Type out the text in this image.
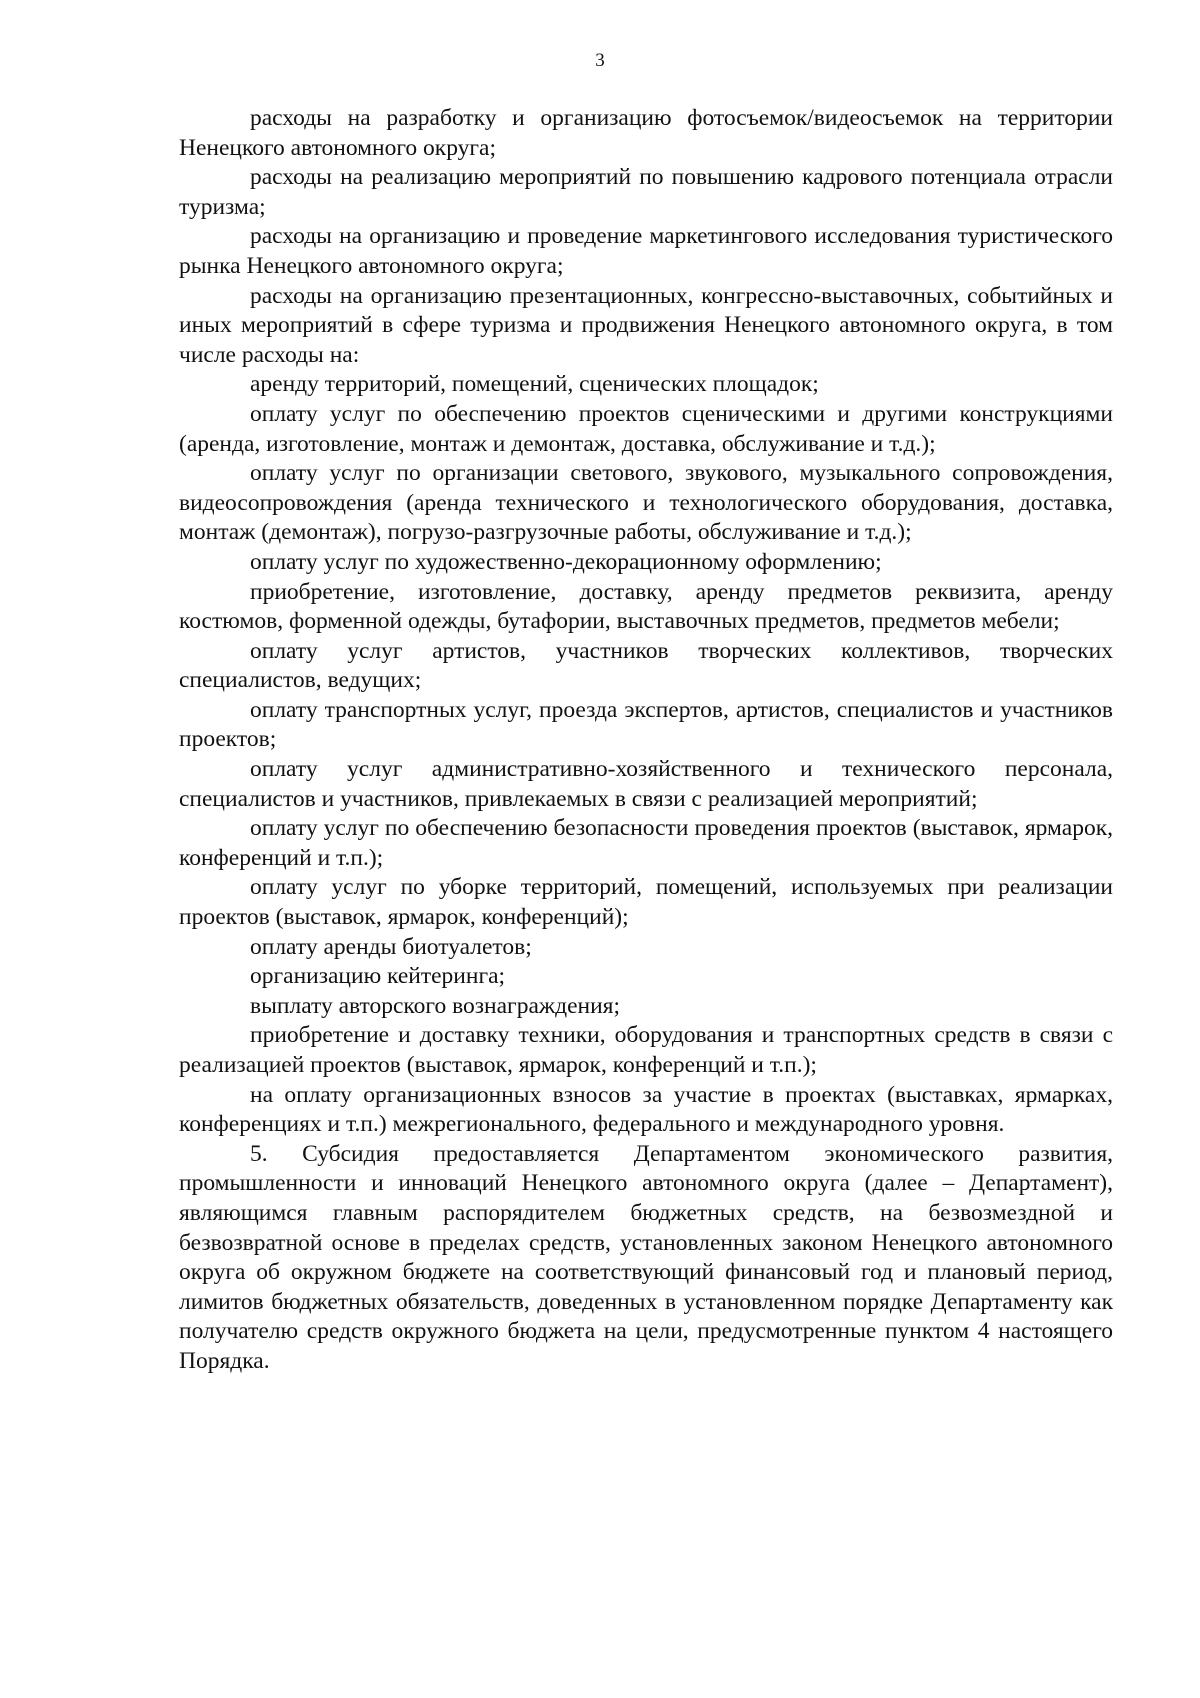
3

расходы на разработку и организацию фотосъемок/видеосъемок на территории Ненецкого автономного округа;

расходы на реализацию мероприятий по повышению кадрового потенциала отрасли туризма;

расходы на организацию и проведение маркетингового исследования туристического рынка Ненецкого автономного округа;

расходы на организацию презентационных, конгрессно-выставочных, событийных и иных мероприятий в сфере туризма и продвижения Ненецкого автономного округа, в том числе расходы на:

аренду территорий, помещений, сценических площадок;

оплату услуг по обеспечению проектов сценическими и другими конструкциями (аренда, изготовление, монтаж и демонтаж, доставка, обслуживание и т.д.);

оплату услуг по организации светового, звукового, музыкального сопровождения, видеосопровождения (аренда технического и технологического оборудования, доставка, монтаж (демонтаж), погрузо-разгрузочные работы, обслуживание и т.д.);

оплату услуг по художественно-декорационному оформлению;

приобретение, изготовление, доставку, аренду предметов реквизита, аренду костюмов, форменной одежды, бутафории, выставочных предметов, предметов мебели;

оплату услуг артистов, участников творческих коллективов, творческих специалистов, ведущих;

оплату транспортных услуг, проезда экспертов, артистов, специалистов и участников проектов;

оплату услуг административно-хозяйственного и технического персонала, специалистов и участников, привлекаемых в связи с реализацией мероприятий;

оплату услуг по обеспечению безопасности проведения проектов (выставок, ярмарок, конференций и т.п.);

оплату услуг по уборке территорий, помещений, используемых при реализации проектов (выставок, ярмарок, конференций);

оплату аренды биотуалетов;

организацию кейтеринга;

выплату авторского вознаграждения;

приобретение и доставку техники, оборудования и транспортных средств в связи с реализацией проектов (выставок, ярмарок, конференций и т.п.);

на оплату организационных взносов за участие в проектах (выставках, ярмарках, конференциях и т.п.) межрегионального, федерального и международного уровня.

5. Субсидия предоставляется Департаментом экономического развития, промышленности и инноваций Ненецкого автономного округа (далее – Департамент), являющимся главным распорядителем бюджетных средств, на безвозмездной и безвозвратной основе в пределах средств, установленных законом Ненецкого автономного округа об окружном бюджете на соответствующий финансовый год и плановый период, лимитов бюджетных обязательств, доведенных в установленном порядке Департаменту как получателю средств окружного бюджета на цели, предусмотренные пунктом 4 настоящего Порядка.
